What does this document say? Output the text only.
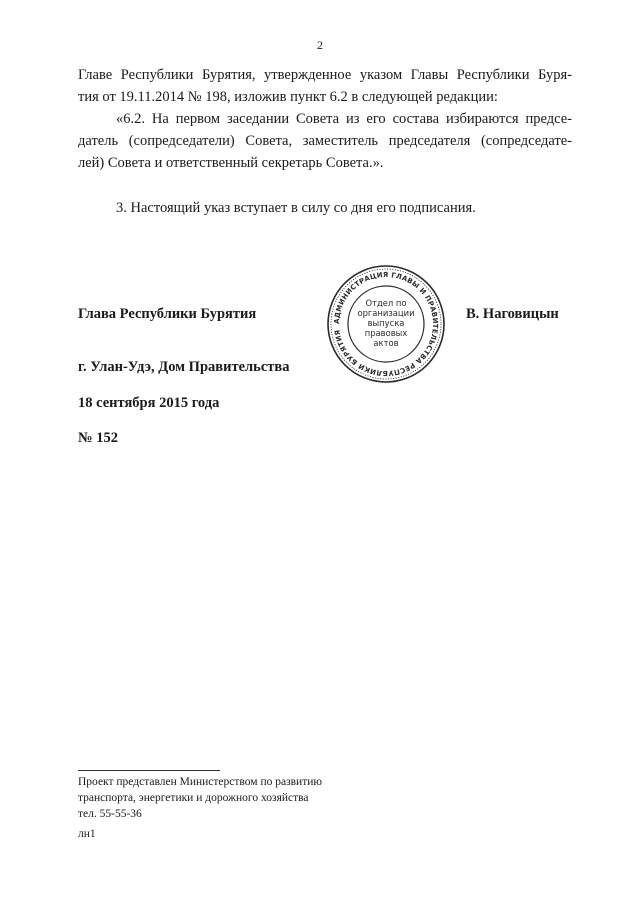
2
Главе Республики Бурятия, утвержденное указом Главы Республики Буря-
тия от 19.11.2014 № 198, изложив пункт 6.2 в следующей редакции:
«6.2. На первом заседании Совета из его состава избираются предсе-
датель (сопредседатели) Совета, заместитель председателя (сопредседате-
лей) Совета и ответственный секретарь Совета.».
3. Настоящий указ вступает в силу со дня его подписания.
Глава Республики Бурятия	АДМИНИСТРАЦИЯ ГЛАВЫ И ПРАВИТЕЛЬСТВА РЕСПУБЛИКИ БУРЯТИЯ
Отдел по
организации
выпуска
правовых
актов
В. Наговицын
г. Улан-Удэ, Дом Правительства
18 сентября 2015 года
№ 152
Проект представлен Министерством по развитию
транспорта, энергетики и дорожного хозяйства
тел. 55-55-36
лн1
